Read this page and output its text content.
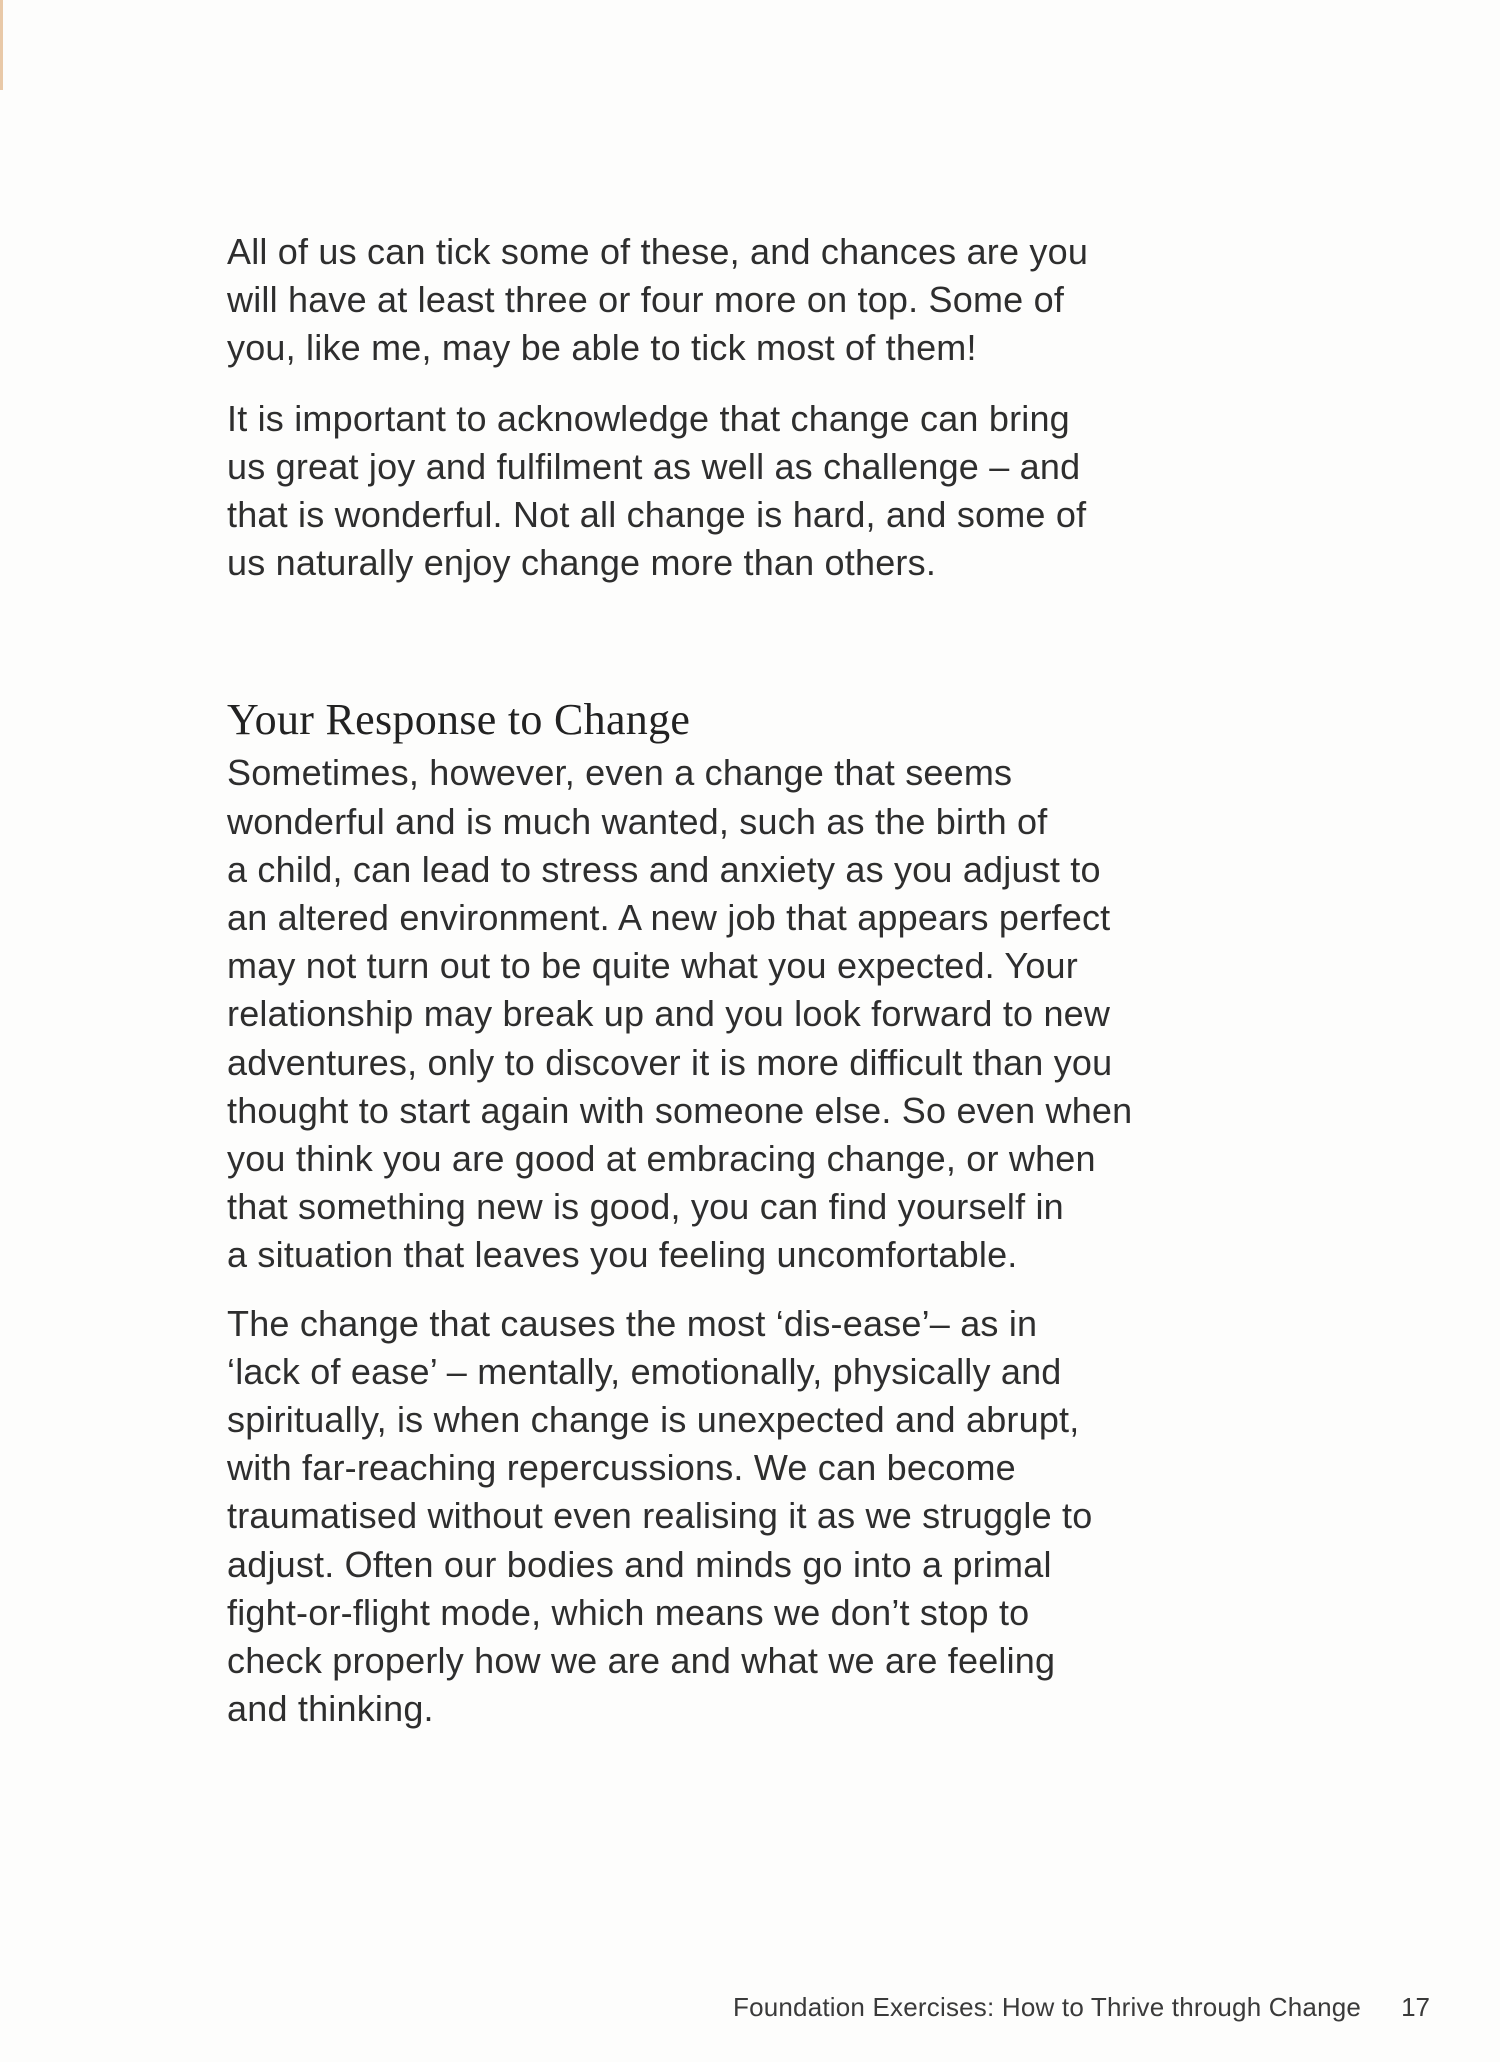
All of us can tick some of these, and chances are you
will have at least three or four more on top. Some of
you, like me, may be able to tick most of them!

It is important to acknowledge that change can bring
us great joy and fulfilment as well as challenge – and
that is wonderful. Not all change is hard, and some of
us naturally enjoy change more than others.

Your Response to Change

Sometimes, however, even a change that seems
wonderful and is much wanted, such as the birth of
a child, can lead to stress and anxiety as you adjust to
an altered environment. A new job that appears perfect
may not turn out to be quite what you expected. Your
relationship may break up and you look forward to new
adventures, only to discover it is more difficult than you
thought to start again with someone else. So even when
you think you are good at embracing change, or when
that something new is good, you can find yourself in
a situation that leaves you feeling uncomfortable.

The change that causes the most ‘dis-ease’– as in
‘lack of ease’ – mentally, emotionally, physically and
spiritually, is when change is unexpected and abrupt,
with far-reaching repercussions. We can become
traumatised without even realising it as we struggle to
adjust. Often our bodies and minds go into a primal
fight-or-flight mode, which means we don’t stop to
check properly how we are and what we are feeling
and thinking.

Foundation Exercises: How to Thrive through Change 17
